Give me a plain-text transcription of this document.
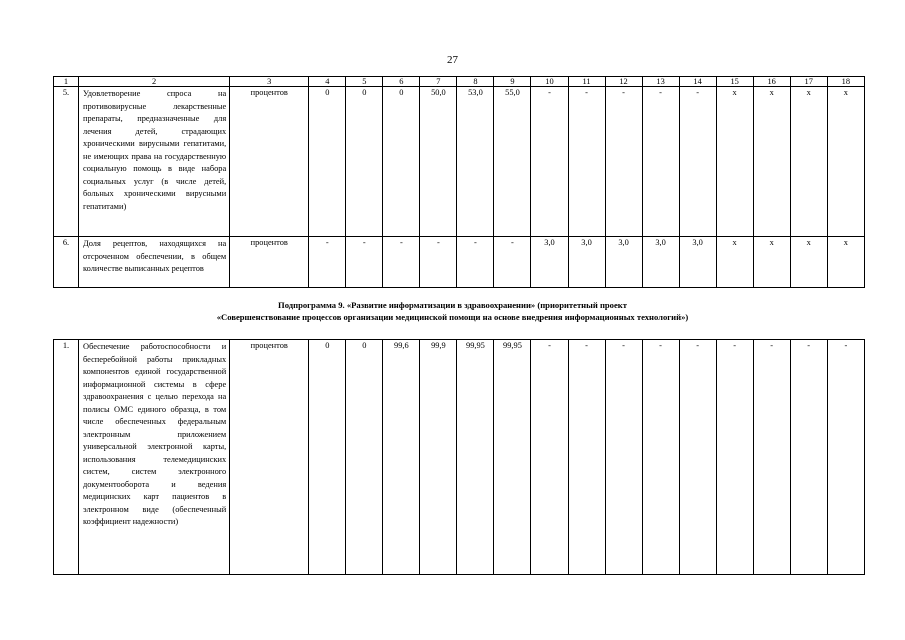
27
1	2	3	4	5	6	7	8	9	10	11	12	13	14	15	16	17	18
5.	Удовлетворение спроса на противовирусные лекарственные препараты, предназначенные для лечения детей, страдающих хроническими вирусными гепатитами, не имеющих права на государственную социальную помощь в виде набора социальных услуг (в числе детей, больных хроническими вирусными гепатитами)	процентов	0	0	0	50,0	53,0	55,0	-	-	-	-	-	х	х	х	х
6.	Доля рецептов, находящихся на отсроченном обеспечении, в общем количестве выписанных рецептов	процентов	-	-	-	-	-	-	3,0	3,0	3,0	3,0	3,0	х	х	х	х
Подпрограмма 9. «Развитие информатизации в здравоохранении» (приоритетный проект
«Совершенствование процессов организации медицинской помощи на основе внедрения информационных технологий»)
1.	Обеспечение работоспособности и бесперебойной работы прикладных компонентов единой государственной информационной системы в сфере здравоохранения с целью перехода на полисы ОМС единого образца, в том числе обеспеченных федеральным электронным приложением универсальной электронной карты, использования телемедицинских систем, систем электронного документооборота и ведения медицинских карт пациентов в электронном виде (обеспеченный коэффициент надежности)	процентов	0	0	99,6	99,9	99,95	99,95	-	-	-	-	-	-	-	-	-
